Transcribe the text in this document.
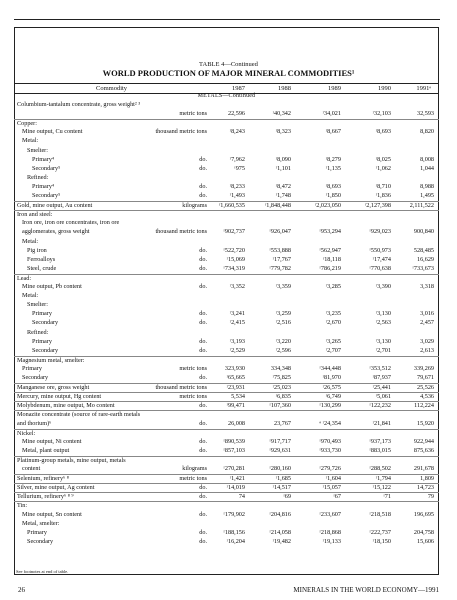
TABLE 4—Continued
WORLD PRODUCTION OF MAJOR MINERAL COMMODITIES¹
Commodity	1987	1988	1989	1990	1991ᵉ
METALS—Continued
Columbium-tantalum concentrate, gross weight² ³
metric tons	22,596	ʳ40,342	ʳ34,021	ʳ32,103	32,593
Copper:
Mine output, Cu content	thousand metric tons	ʳ8,243	ʳ8,323	ʳ8,667	ʳ8,693	8,820
Metal:
Smelter:
Primary⁴	do.	ʳ7,962	ʳ8,090	ʳ8,279	ʳ8,025	8,008
Secondary⁵	do.	ʳ975	ʳ1,101	ʳ1,135	ʳ1,062	1,044
Refined:
Primary⁴	do.	ʳ8,233	ʳ8,472	ʳ8,693	ʳ8,710	8,988
Secondary⁵	do.	ʳ1,493	ʳ1,748	ʳ1,850	ʳ1,836	1,495
Gold, mine output, Au content	kilograms ʳ1,660,535	ʳ1,848,448	ʳ2,023,050	ʳ2,127,398	2,111,522
Iron and steel:
Iron ore, iron ore concentrates, iron ore
agglomerates, gross weight	thousand metric tons	ʳ902,737	ʳ926,047	ʳ953,294	ʳ929,023	900,840
Metal:
Pig iron	do.	ʳ522,720	ʳ553,888	ʳ562,947	ʳ550,973	528,485
Ferroalloys	do.	ʳ15,069	ʳ17,767	ʳ18,118	ʳ17,474	16,629
Steel, crude	do.	ʳ734,319	ʳ779,782	ʳ786,219	ʳ770,638	ʳ733,673
Lead:
Mine output, Pb content	do.	ʳ3,352	ʳ3,359	ʳ3,285	ʳ3,390	3,318
Metal:
Smelter:
Primary	do.	ʳ3,241	ʳ3,259	ʳ3,235	ʳ3,130	3,016
Secondary	do.	ʳ2,415	ʳ2,516	ʳ2,670	ʳ2,563	2,457
Refined:
Primary	do.	ʳ3,193	ʳ3,220	ʳ3,265	ʳ3,130	3,029
Secondary	do.	ʳ2,529	ʳ2,596	ʳ2,707	ʳ2,701	2,613
Magnesium metal, smelter:
Primary	metric tons	323,930	334,348	ʳ344,448	ʳ353,512	339,269
Secondary	do.	ʳ65,665	ʳ75,825	ʳ81,970	ʳ87,937	79,671
Manganese ore, gross weight	thousand metric tons	ʳ23,931	ʳ25,023	ʳ26,575	ʳ25,441	25,526
Mercury, mine output, Hg content	metric tons	5,534	ʳ6,835	ʳ6,749	ʳ5,061	4,536
Molybdenum, mine output, Mo content	do.	ʳ99,471	ʳ107,360	ʳ130,299	ʳ122,232	112,224
Monazite concentrate (source of rare-earth metals
and thorium)⁶	do.	26,008	23,767	ᵉ ʳ24,354	ʳ21,841	15,920
Nickel:
Mine output, Ni content	do.	ʳ890,539	ʳ917,717	ʳ970,493	ʳ937,173	922,944
Metal, plant output	do.	ʳ857,103	ʳ929,631	ʳ933,730	ʳ883,015	875,636
Platinum-group metals, mine output, metals
content	kilograms	ʳ270,281	ʳ280,160	ʳ279,726	ʳ288,502	291,678
Selenium, refinery⁶ ⁸	metric tons	ʳ1,421	ʳ1,685	ʳ1,604	ʳ1,794	1,809
Silver, mine output, Ag content	do.	ʳ14,019	ʳ14,517	ʳ15,057	ʳ15,122	14,723
Tellurium, refinery⁶ ⁸ ⁹	do.	74	ʳ69	ʳ67	ʳ71	79
Tin:
Mine output, Sn content	do.	ʳ179,902	ʳ204,816	ʳ233,607	ʳ218,518	196,695
Metal, smelter:
Primary	do.	ʳ188,156	ʳ214,058	ʳ218,868	ʳ222,737	204,758
Secondary	do.	ʳ16,204	ʳ19,482	ʳ19,133	ʳ18,150	15,606
See footnotes at end of table.
26	MINERALS IN THE WORLD ECONOMY—1991
